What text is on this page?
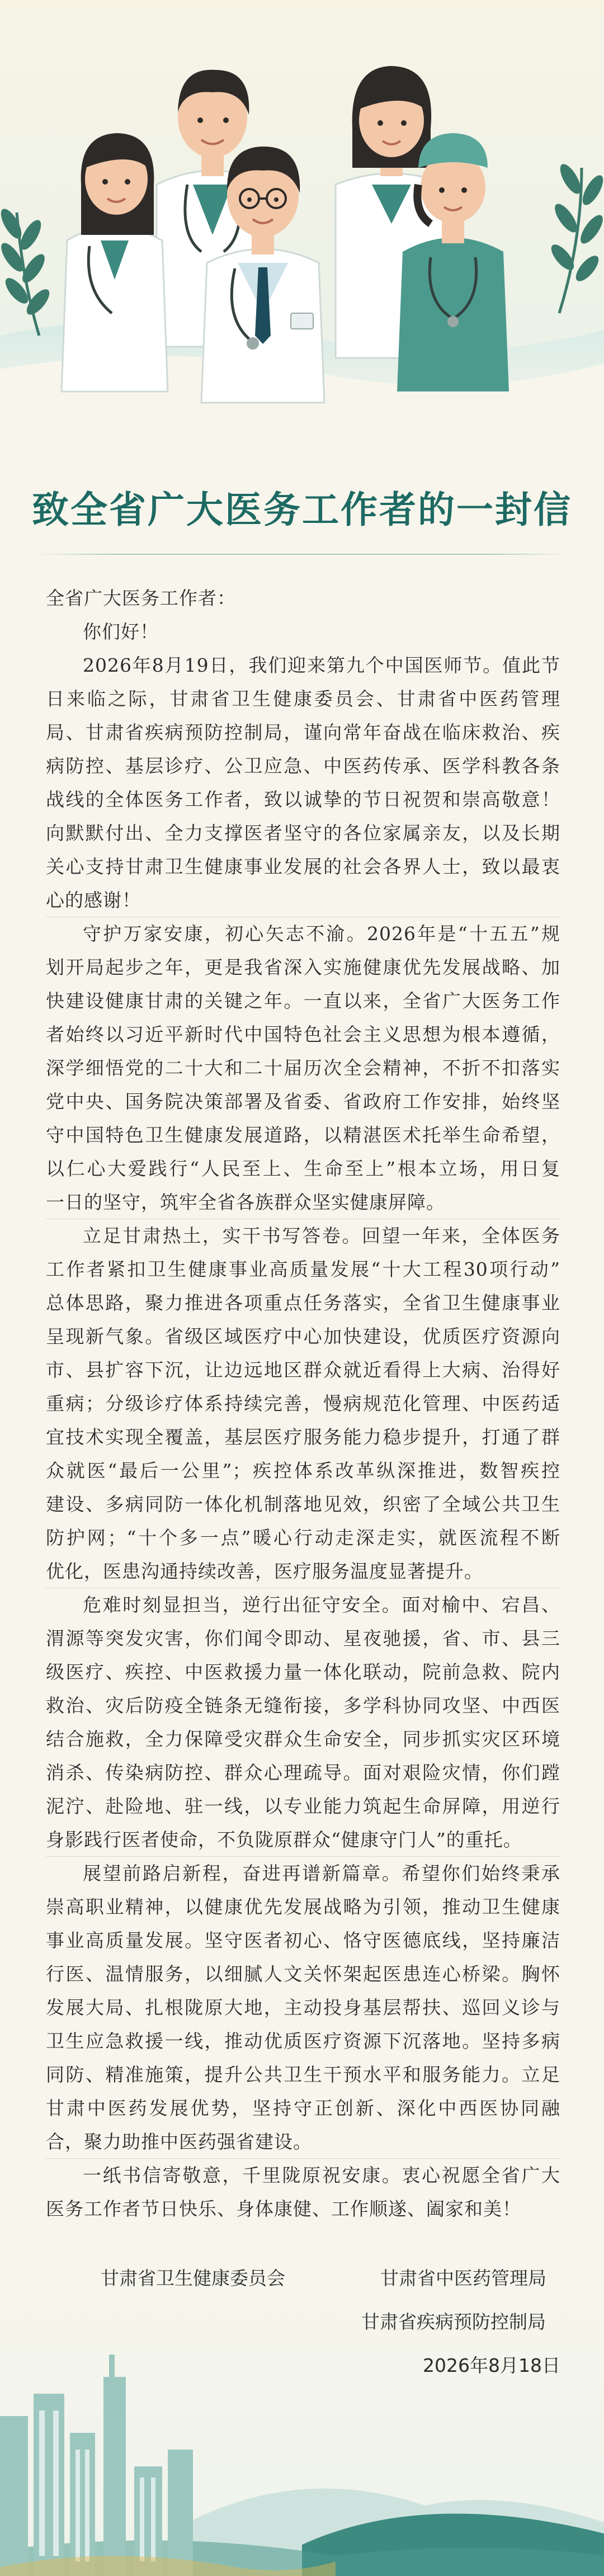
致全省广大医务工作者的一封信
全省广大医务工作者：
你们好！
2026年8月19日，我们迎来第九个中国医师节。值此节
日来临之际，甘肃省卫生健康委员会、甘肃省中医药管理
局、甘肃省疾病预防控制局，谨向常年奋战在临床救治、疾
病防控、基层诊疗、公卫应急、中医药传承、医学科教各条
战线的全体医务工作者，致以诚挚的节日祝贺和崇高敬意！
向默默付出、全力支撑医者坚守的各位家属亲友，以及长期
关心支持甘肃卫生健康事业发展的社会各界人士，致以最衷
心的感谢！
守护万家安康，初心矢志不渝。2026年是“十五五”规
划开局起步之年，更是我省深入实施健康优先发展战略、加
快建设健康甘肃的关键之年。一直以来，全省广大医务工作
者始终以习近平新时代中国特色社会主义思想为根本遵循，
深学细悟党的二十大和二十届历次全会精神，不折不扣落实
党中央、国务院决策部署及省委、省政府工作安排，始终坚
守中国特色卫生健康发展道路，以精湛医术托举生命希望，
以仁心大爱践行“人民至上、生命至上”根本立场，用日复
一日的坚守，筑牢全省各族群众坚实健康屏障。
立足甘肃热土，实干书写答卷。回望一年来，全体医务
工作者紧扣卫生健康事业高质量发展“十大工程30项行动”
总体思路，聚力推进各项重点任务落实，全省卫生健康事业
呈现新气象。省级区域医疗中心加快建设，优质医疗资源向
市、县扩容下沉，让边远地区群众就近看得上大病、治得好
重病；分级诊疗体系持续完善，慢病规范化管理、中医药适
宜技术实现全覆盖，基层医疗服务能力稳步提升，打通了群
众就医“最后一公里”；疾控体系改革纵深推进，数智疾控
建设、多病同防一体化机制落地见效，织密了全域公共卫生
防护网；“十个多一点”暖心行动走深走实，就医流程不断
优化，医患沟通持续改善，医疗服务温度显著提升。
危难时刻显担当，逆行出征守安全。面对榆中、宕昌、
渭源等突发灾害，你们闻令即动、星夜驰援，省、市、县三
级医疗、疾控、中医救援力量一体化联动，院前急救、院内
救治、灾后防疫全链条无缝衔接，多学科协同攻坚、中西医
结合施救，全力保障受灾群众生命安全，同步抓实灾区环境
消杀、传染病防控、群众心理疏导。面对艰险灾情，你们蹚
泥泞、赴险地、驻一线，以专业能力筑起生命屏障，用逆行
身影践行医者使命，不负陇原群众“健康守门人”的重托。
展望前路启新程，奋进再谱新篇章。希望你们始终秉承
崇高职业精神，以健康优先发展战略为引领，推动卫生健康
事业高质量发展。坚守医者初心、恪守医德底线，坚持廉洁
行医、温情服务，以细腻人文关怀架起医患连心桥梁。胸怀
发展大局、扎根陇原大地，主动投身基层帮扶、巡回义诊与
卫生应急救援一线，推动优质医疗资源下沉落地。坚持多病
同防、精准施策，提升公共卫生干预水平和服务能力。立足
甘肃中医药发展优势，坚持守正创新、深化中西医协同融
合，聚力助推中医药强省建设。
一纸书信寄敬意，千里陇原祝安康。衷心祝愿全省广大
医务工作者节日快乐、身体康健、工作顺遂、阖家和美！
甘肃省卫生健康委员会	甘肃省中医药管理局
甘肃省疾病预防控制局
2026年8月18日
